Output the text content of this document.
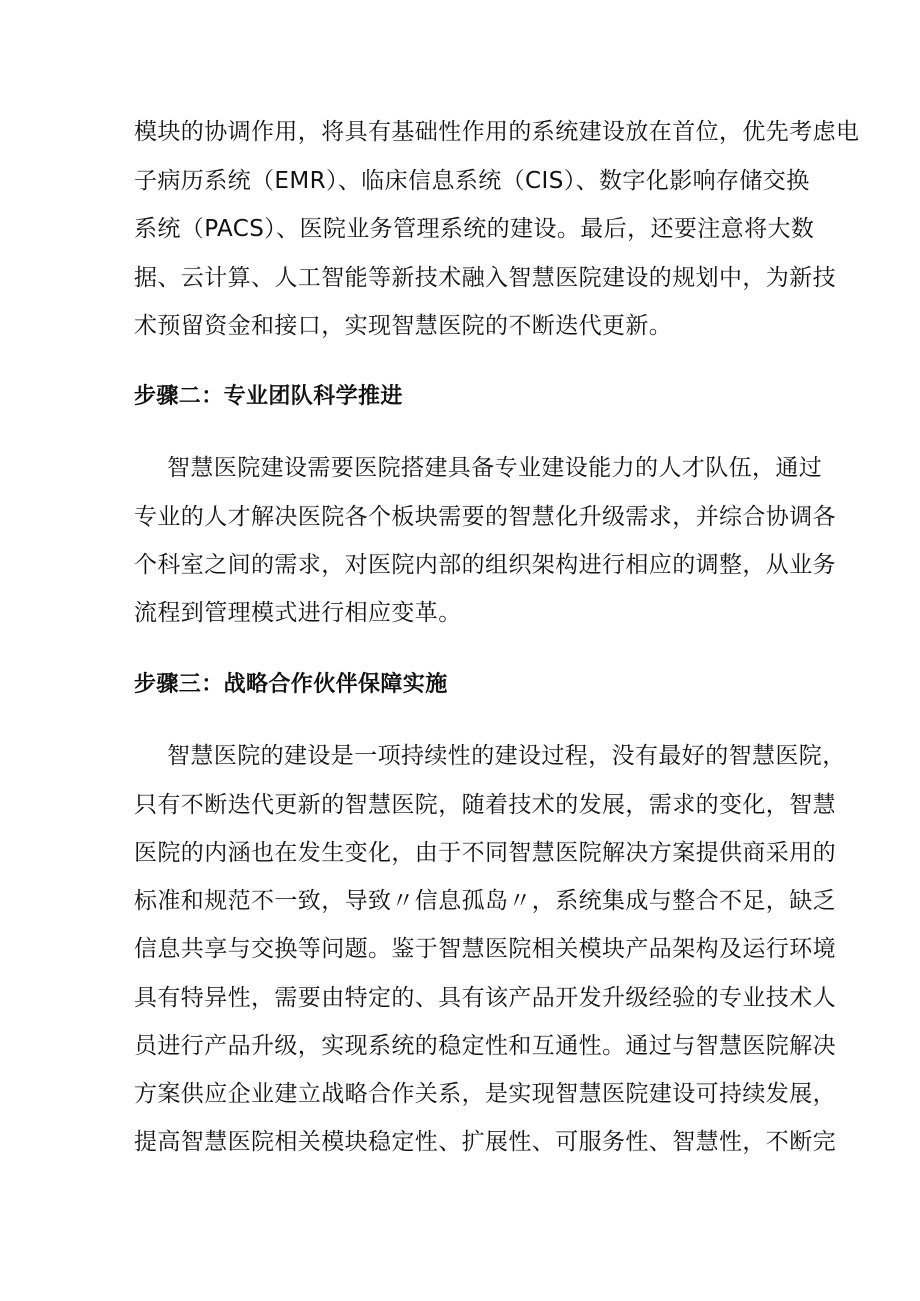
模块的协调作用，将具有基础性作用的系统建设放在首位，优先考虑电
子病历系统（EMR）、临床信息系统（CIS）、数字化影响存储交换
系统（PACS）、医院业务管理系统的建设。最后，还要注意将大数
据、云计算、人工智能等新技术融入智慧医院建设的规划中，为新技
术预留资金和接口，实现智慧医院的不断迭代更新。
步骤二：专业团队科学推进
智慧医院建设需要医院搭建具备专业建设能力的人才队伍，通过
专业的人才解决医院各个板块需要的智慧化升级需求，并综合协调各
个科室之间的需求，对医院内部的组织架构进行相应的调整，从业务
流程到管理模式进行相应变革。
步骤三：战略合作伙伴保障实施
智慧医院的建设是一项持续性的建设过程，没有最好的智慧医院，
只有不断迭代更新的智慧医院，随着技术的发展，需求的变化，智慧
医院的内涵也在发生变化，由于不同智慧医院解决方案提供商采用的
标准和规范不一致，导致〃信息孤岛〃，系统集成与整合不足，缺乏
信息共享与交换等问题。鉴于智慧医院相关模块产品架构及运行环境
具有特异性，需要由特定的、具有该产品开发升级经验的专业技术人
员进行产品升级，实现系统的稳定性和互通性。通过与智慧医院解决
方案供应企业建立战略合作关系，是实现智慧医院建设可持续发展，
提高智慧医院相关模块稳定性、扩展性、可服务性、智慧性，不断完
